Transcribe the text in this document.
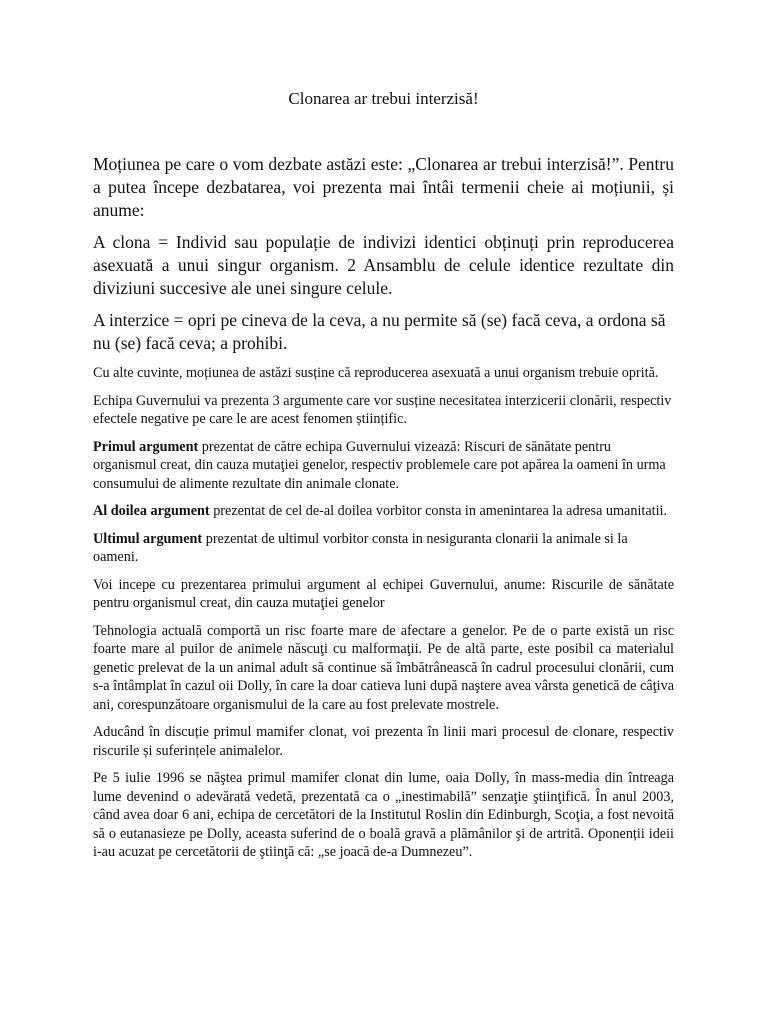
Clonarea ar trebui interzisă!

Moțiunea pe care o vom dezbate astăzi este: „Clonarea ar trebui interzisă!”. Pentru a putea începe dezbatarea, voi prezenta mai întâi termenii cheie ai moțiunii, și anume:

A clona = Individ sau populație de indivizi identici obținuți prin reproducerea asexuată a unui singur organism. 2 Ansamblu de celule identice rezultate din diviziuni succesive ale unei singure celule.

A interzice = opri pe cineva de la ceva, a nu permite să (se) facă ceva, a ordona să nu (se) facă ceva; a prohibi.

Cu alte cuvinte, moțiunea de astăzi susține că reproducerea asexuată a unui organism trebuie oprită.

Echipa Guvernului va prezenta 3 argumente care vor susține necesitatea interzicerii clonării, respectiv efectele negative pe care le are acest fenomen științific.

Primul argument prezentat de către echipa Guvernului vizează: Riscuri de sănătate pentru organismul creat, din cauza mutaţiei genelor, respectiv problemele care pot apărea la oameni în urma consumului de alimente rezultate din animale clonate.

Al doilea argument prezentat de cel de-al doilea vorbitor consta in amenintarea la adresa umanitatii.

Ultimul argument prezentat de ultimul vorbitor consta in nesiguranta clonarii la animale si la oameni.

Voi incepe cu prezentarea primului argument al echipei Guvernului, anume: Riscurile de sănătate pentru organismul creat, din cauza mutaţiei genelor

Tehnologia actuală comportă un risc foarte mare de afectare a genelor. Pe de o parte există un risc foarte mare al puilor de animele născuţi cu malformaţii. Pe de altă parte, este posibil ca materialul genetic prelevat de la un animal adult să continue să îmbătrânească în cadrul procesului clonării, cum s-a întâmplat în cazul oii Dolly, în care la doar catieva luni după naştere avea vârsta genetică de câţiva ani, corespunzătoare organismului de la care au fost prelevate mostrele.

Aducând în discuție primul mamifer clonat, voi prezenta în linii mari procesul de clonare, respectiv riscurile și suferințele animalelor.

Pe 5 iulie 1996 se năştea primul mamifer clonat din lume, oaia Dolly, în mass-media din întreaga lume devenind o adevărată vedetă, prezentată ca o „inestimabilă” senzaţie ştiinţifică. În anul 2003, când avea doar 6 ani, echipa de cercetători de la Institutul Roslin din Edinburgh, Scoţia, a fost nevoită să o eutanasieze pe Dolly, aceasta suferind de o boală gravă a plămânilor şi de artrită. Oponenții ideii i-au acuzat pe cercetătorii de ştiinţă că: „se joacă de-a Dumnezeu”.
